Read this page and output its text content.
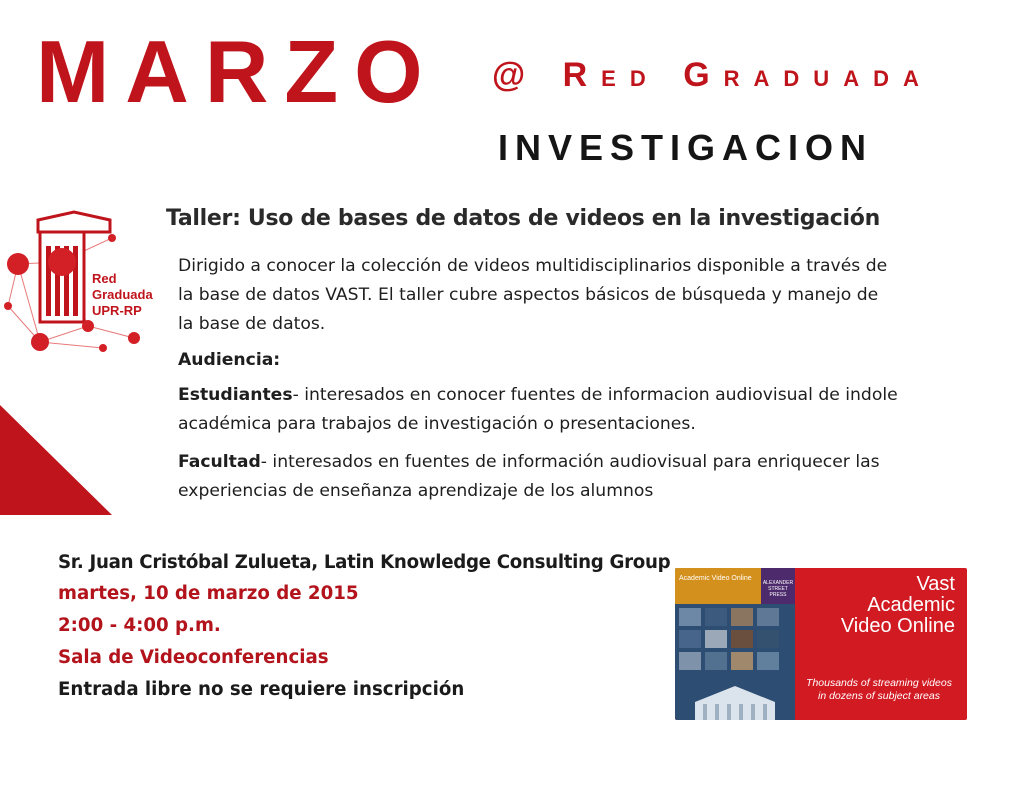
MARZO @ RED GRADUADA
INVESTIGACION
Red
Graduada
UPR-RP
Taller: Uso de bases de datos de videos en la investigación
Dirigido a conocer la colección de videos multidisciplinarios disponible a través de la base de datos VAST. El taller cubre aspectos básicos de búsqueda y manejo de la base de datos.
Audiencia:
Estudiantes- interesados en conocer fuentes de informacion audiovisual de indole académica para trabajos de investigación o presentaciones.
Facultad- interesados en fuentes de información audiovisual para enriquecer las experiencias de enseñanza aprendizaje de los alumnos
Sr. Juan Cristóbal Zulueta, Latin Knowledge Consulting Group
martes, 10 de marzo de 2015
2:00 - 4:00 p.m.
Sala de Videoconferencias
Entrada libre no se requiere inscripción
Academic Video Online
ALEXANDER STREET PRESS	Vast
Academic
Video Online
Thousands of streaming videos
in dozens of subject areas
